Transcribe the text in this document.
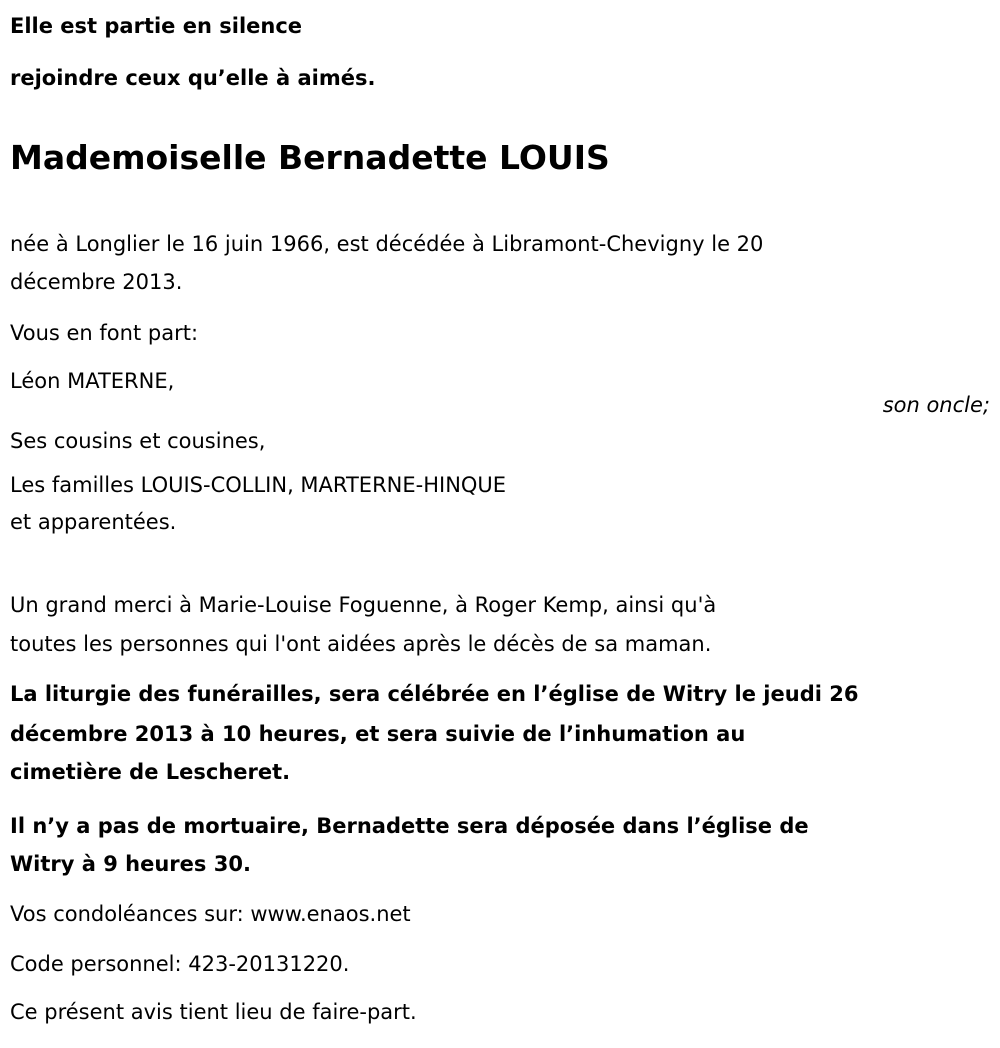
Elle est partie en silence
rejoindre ceux qu’elle à aimés.
Mademoiselle Bernadette LOUIS
née à Longlier le 16 juin 1966, est décédée à Libramont-Chevigny le 20
décembre 2013.
Vous en font part:
Léon MATERNE,
son oncle;
Ses cousins et cousines,
Les familles LOUIS-COLLIN, MARTERNE-HINQUE
et apparentées.
Un grand merci à Marie-Louise Foguenne, à Roger Kemp, ainsi qu'à
toutes les personnes qui l'ont aidées après le décès de sa maman.
La liturgie des funérailles, sera célébrée en l’église de Witry le jeudi 26
décembre 2013 à 10 heures, et sera suivie de l’inhumation au
cimetière de Lescheret.
Il n’y a pas de mortuaire, Bernadette sera déposée dans l’église de
Witry à 9 heures 30.
Vos condoléances sur: www.enaos.net
Code personnel: 423-20131220.
Ce présent avis tient lieu de faire-part.
